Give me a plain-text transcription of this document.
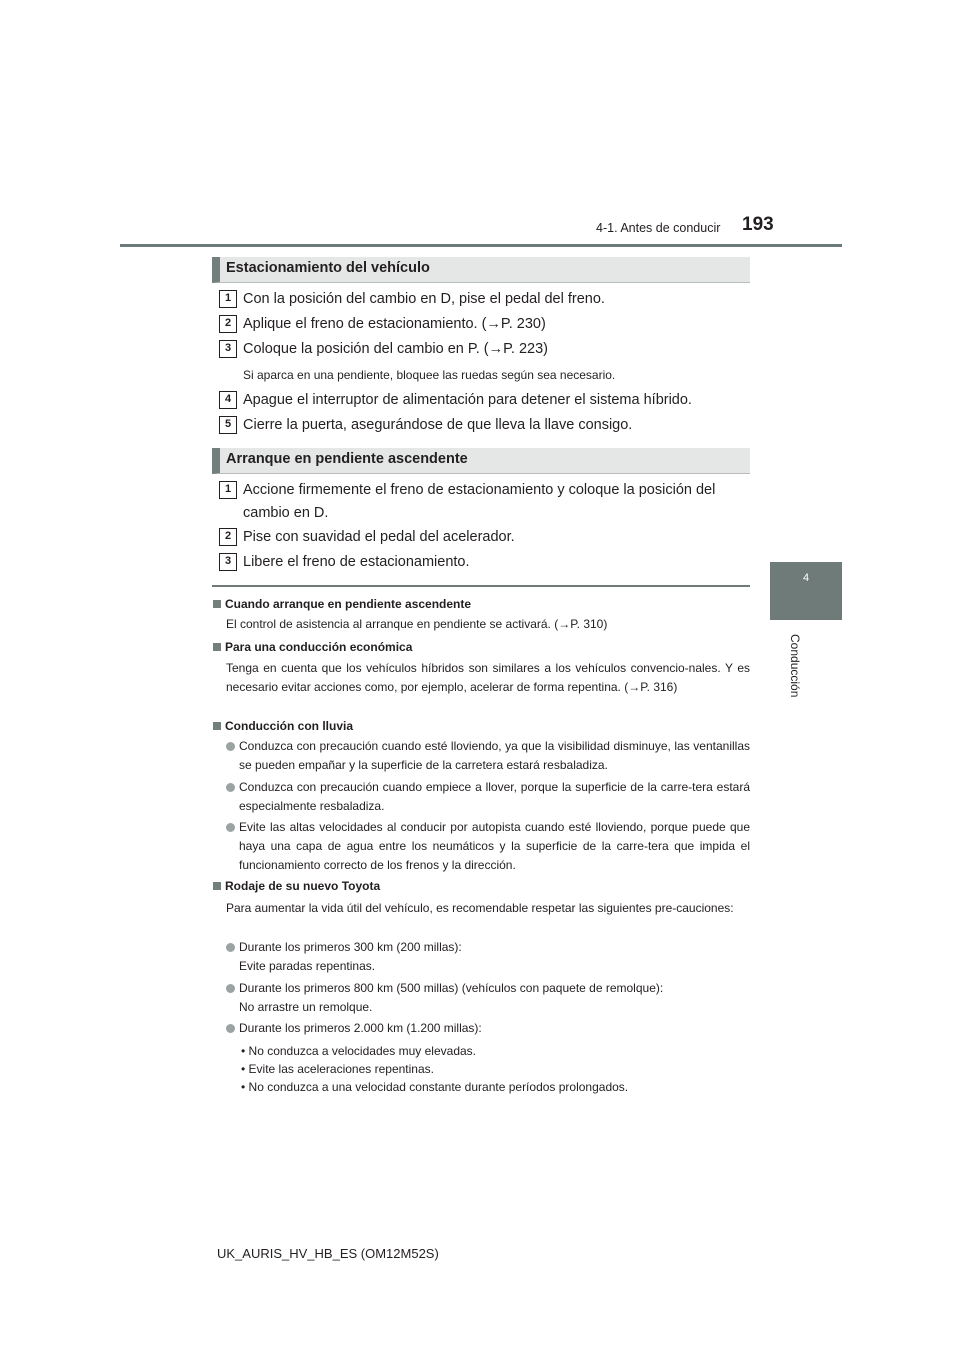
4-1. Antes de conducir 193
4
Conducción
Estacionamiento del vehículo
1 Con la posición del cambio en D, pise el pedal del freno.
2 Aplique el freno de estacionamiento. (→P. 230)
3 Coloque la posición del cambio en P. (→P. 223)
Si aparca en una pendiente, bloquee las ruedas según sea necesario.
4 Apague el interruptor de alimentación para detener el sistema híbrido.
5 Cierre la puerta, asegurándose de que lleva la llave consigo.
Arranque en pendiente ascendente
1 Accione firmemente el freno de estacionamiento y coloque la posición del cambio en D.
2 Pise con suavidad el pedal del acelerador.
3 Libere el freno de estacionamiento.
Cuando arranque en pendiente ascendente
El control de asistencia al arranque en pendiente se activará. (→P. 310)
Para una conducción económica
Tenga en cuenta que los vehículos híbridos son similares a los vehículos convencio-nales. Y es necesario evitar acciones como, por ejemplo, acelerar de forma repentina. (→P. 316)
Conducción con lluvia
Conduzca con precaución cuando esté lloviendo, ya que la visibilidad disminuye, las ventanillas se pueden empañar y la superficie de la carretera estará resbaladiza.
Conduzca con precaución cuando empiece a llover, porque la superficie de la carre-tera estará especialmente resbaladiza.
Evite las altas velocidades al conducir por autopista cuando esté lloviendo, porque puede que haya una capa de agua entre los neumáticos y la superficie de la carre-tera que impida el funcionamiento correcto de los frenos y la dirección.
Rodaje de su nuevo Toyota
Para aumentar la vida útil del vehículo, es recomendable respetar las siguientes pre-cauciones:
Durante los primeros 300 km (200 millas):
Evite paradas repentinas.
Durante los primeros 800 km (500 millas) (vehículos con paquete de remolque):
No arrastre un remolque.
Durante los primeros 2.000 km (1.200 millas):
• No conduzca a velocidades muy elevadas.
• Evite las aceleraciones repentinas.
• No conduzca a una velocidad constante durante períodos prolongados.
UK_AURIS_HV_HB_ES (OM12M52S)
